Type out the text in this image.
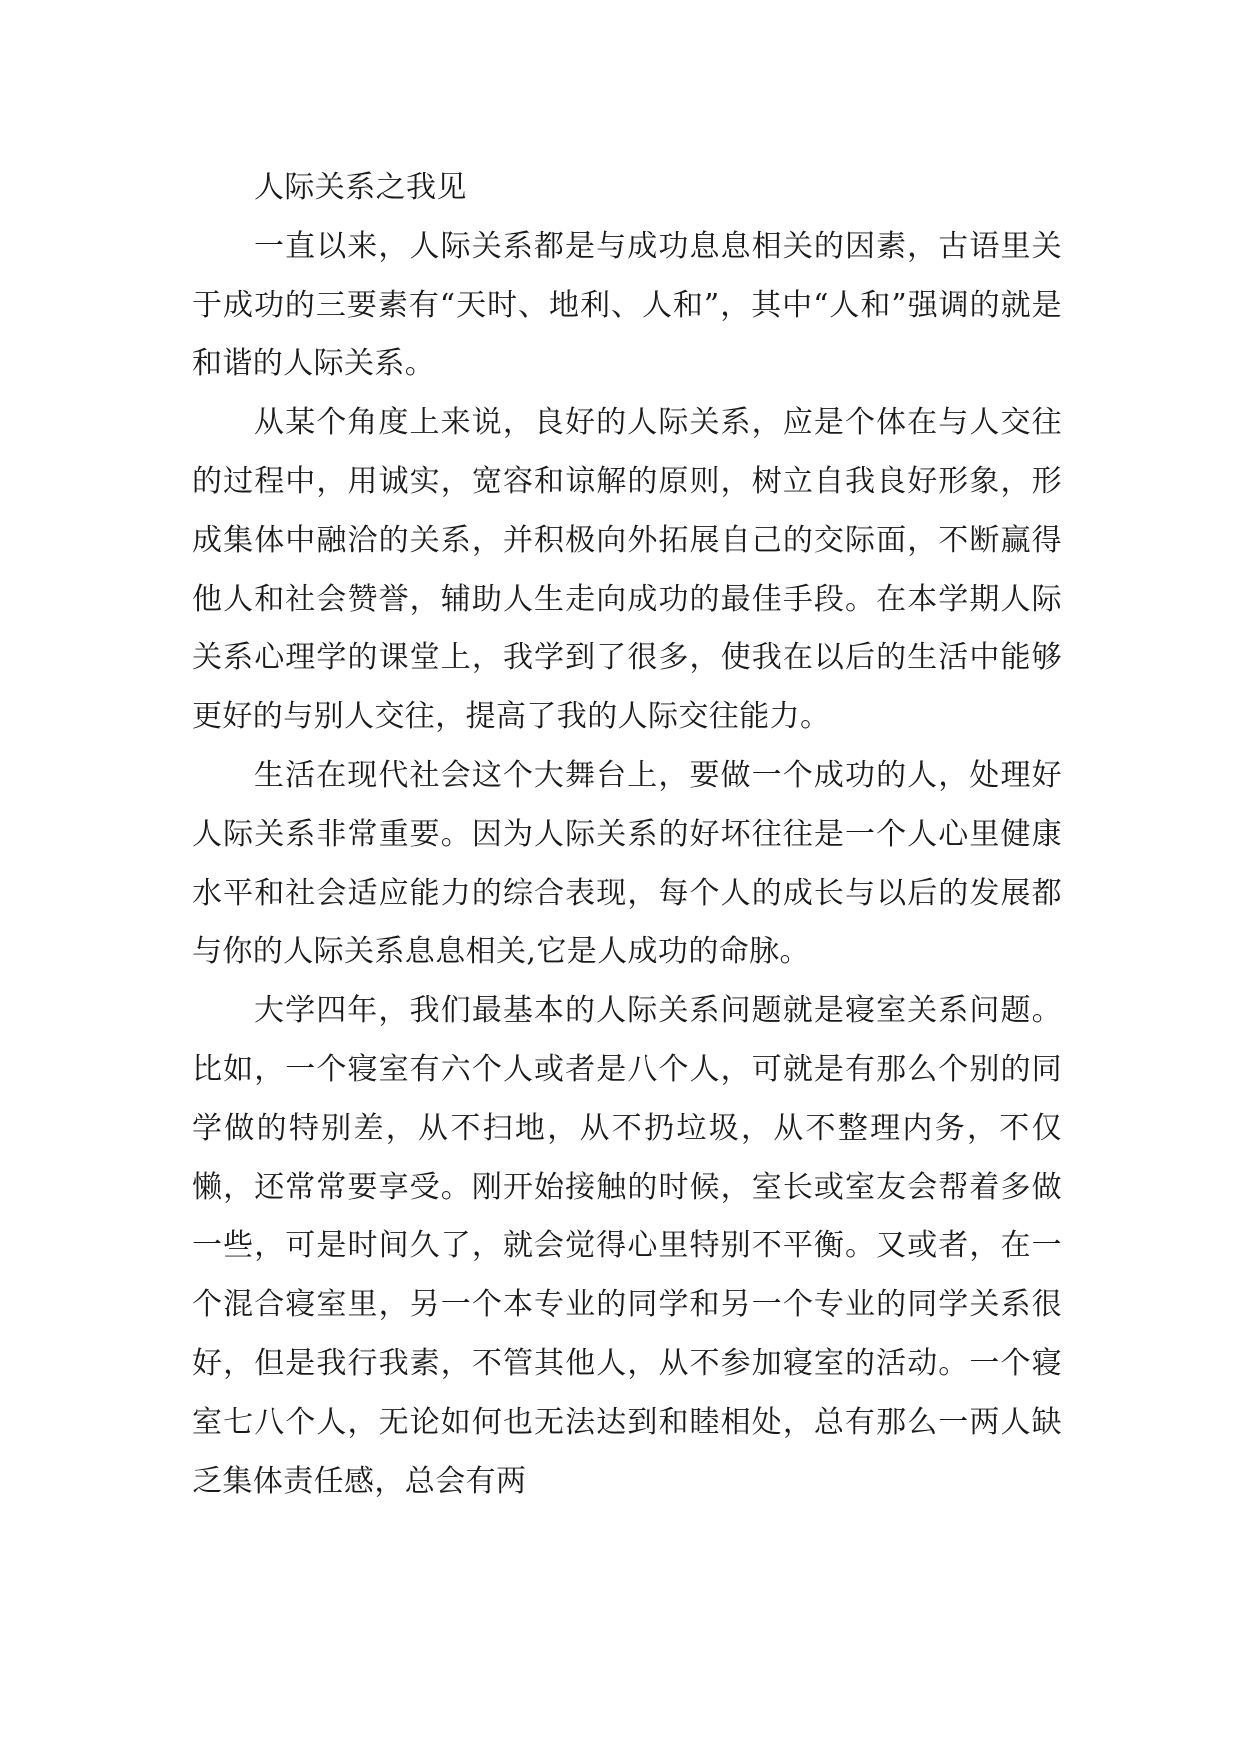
人际关系之我见

一直以来，人际关系都是与成功息息相关的因素，古语里关于成功的三要素有“天时、地利、人和”，其中“人和”强调的就是和谐的人际关系。

从某个角度上来说，良好的人际关系，应是个体在与人交往的过程中，用诚实，宽容和谅解的原则，树立自我良好形象，形成集体中融洽的关系，并积极向外拓展自己的交际面，不断赢得他人和社会赞誉，辅助人生走向成功的最佳手段。在本学期人际关系心理学的课堂上，我学到了很多，使我在以后的生活中能够更好的与别人交往，提高了我的人际交往能力。

生活在现代社会这个大舞台上，要做一个成功的人，处理好人际关系非常重要。因为人际关系的好坏往往是一个人心里健康水平和社会适应能力的综合表现，每个人的成长与以后的发展都与你的人际关系息息相关,它是人成功的命脉。

大学四年，我们最基本的人际关系问题就是寝室关系问题。比如，一个寝室有六个人或者是八个人，可就是有那么个别的同学做的特别差，从不扫地，从不扔垃圾，从不整理内务，不仅懒，还常常要享受。刚开始接触的时候，室长或室友会帮着多做一些，可是时间久了，就会觉得心里特别不平衡。又或者，在一个混合寝室里，另一个本专业的同学和另一个专业的同学关系很好，但是我行我素，不管其他人，从不参加寝室的活动。一个寝室七八个人，无论如何也无法达到和睦相处，总有那么一两人缺乏集体责任感，总会有两
